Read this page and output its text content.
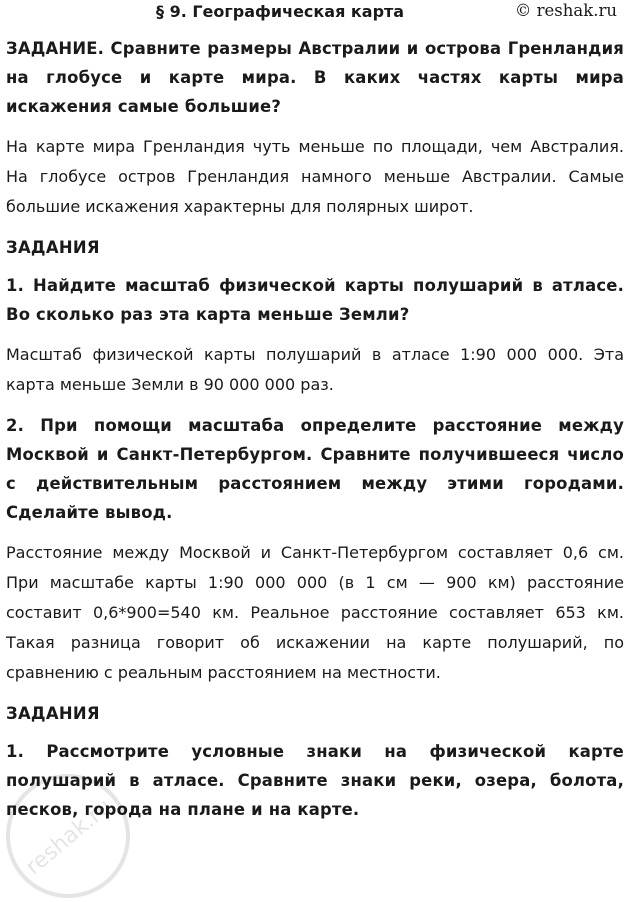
§ 9. Географическая карта	© reshak.ru

ЗАДАНИЕ. Сравните размеры Австралии и острова Гренландия на глобусе и карте мира. В каких частях карты мира искажения самые большие?

На карте мира Гренландия чуть меньше по площади, чем Австралия. На глобусе остров Гренландия намного меньше Австралии. Самые большие искажения характерны для полярных широт.

ЗАДАНИЯ

1. Найдите масштаб физической карты полушарий в атласе. Во сколько раз эта карта меньше Земли?

Масштаб физической карты полушарий в атласе 1:90 000 000. Эта карта меньше Земли в 90 000 000 раз.

2. При помощи масштаба определите расстояние между Москвой и Санкт-Петербургом. Сравните получившееся число с действительным расстоянием между этими городами. Сделайте вывод.

Расстояние между Москвой и Санкт-Петербургом составляет 0,6 см. При масштабе карты 1:90 000 000 (в 1 см — 900 км) расстояние составит 0,6*900=540 км. Реальное расстояние составляет 653 км. Такая разница говорит об искажении на карте полушарий, по сравнению с реальным расстоянием на местности.

ЗАДАНИЯ

1. Рассмотрите условные знаки на физической карте полушарий в атласе. Сравните знаки реки, озера, болота, песков, города на плане и на карте.

reshak.ru
